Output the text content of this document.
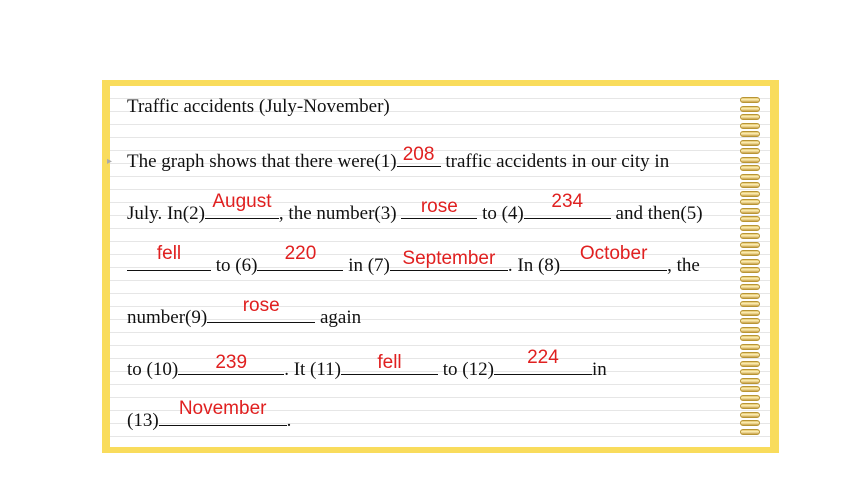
▸
Traffic accidents (July-November)
The graph shows that there were(1) 208 traffic accidents in our city in
July. In(2)
August
, the number(3)	rose	to (4)
234
and then(5)
fell
to (6)
220
in (7) September . In (8)
October
, the
number(9)
rose
again
to (10)	239	. It (11)	fell	to (12)
224
in
(13)
November
.
